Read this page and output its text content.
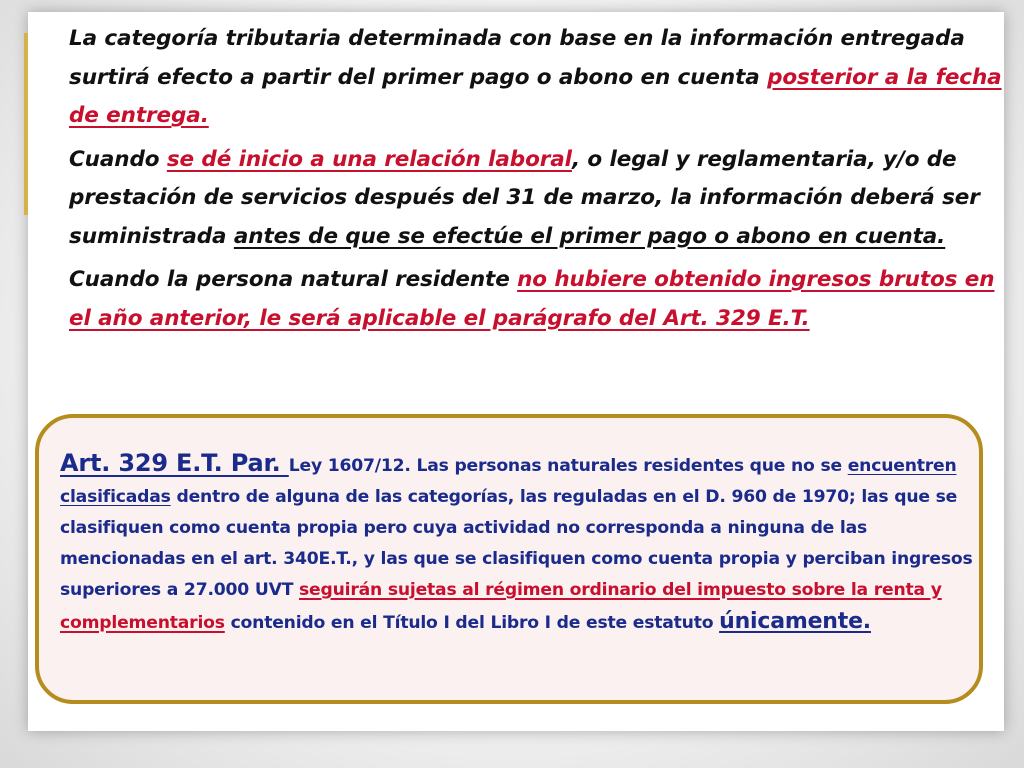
La categoría tributaria determinada con base en la información entregada surtirá efecto a partir del primer pago o abono en cuenta posterior a la fecha de entrega.

Cuando se dé inicio a una relación laboral, o legal y reglamentaria, y/o de prestación de servicios después del 31 de marzo, la información deberá ser suministrada antes de que se efectúe el primer pago o abono en cuenta.

Cuando la persona natural residente no hubiere obtenido ingresos brutos en el año anterior, le será aplicable el parágrafo del Art. 329 E.T.

Art. 329 E.T. Par. Ley 1607/12. Las personas naturales residentes que no se encuentren clasificadas dentro de alguna de las categorías, las reguladas en el D. 960 de 1970; las que se clasifiquen como cuenta propia pero cuya actividad no corresponda a ninguna de las mencionadas en el art. 340E.T., y las que se clasifiquen como cuenta propia y perciban ingresos superiores a 27.000 UVT seguirán sujetas al régimen ordinario del impuesto sobre la renta y complementarios contenido en el Título I del Libro I de este estatuto únicamente.
